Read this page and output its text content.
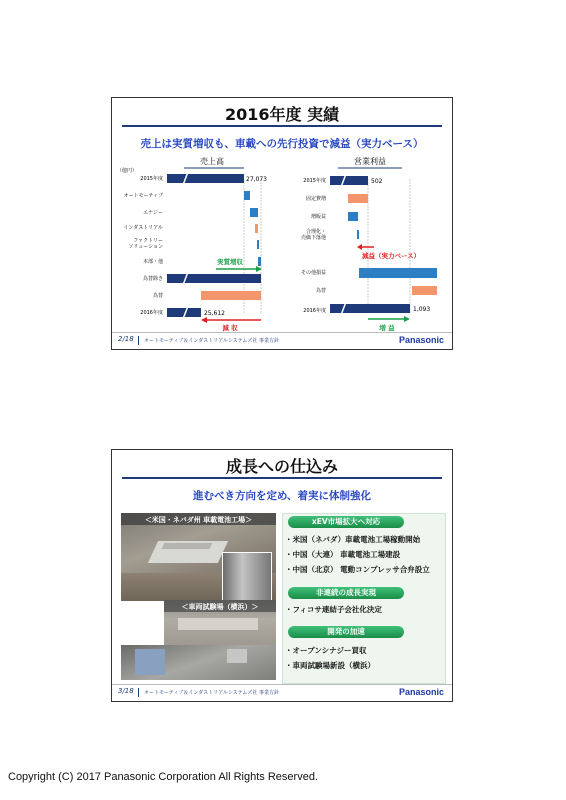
2016年度 実績
売上は実質増収も、車載への先行投資で減益（実力ベース）
売上高
（億円）
2015年度
オートモーティブ
エナジー
インダストリアル
ファクトリーソリューション
本部・他
為替除き
為替
2016年度
27,073
25,612
実質増収
減 収
営業利益
2015年度
固定費増
増販益
合理化・売価下落他
その他損益
為替
2016年度
502
減益（実力ベース）
1,093
増 益
2/18 オートモーティブ＆インダストリアルシステムズ社 事業方針	Panasonic
成長への仕込み
進むべき方向を定め、着実に体制強化
＜米国・ネバダ州 車載電池工場＞
＜車両試験場（横浜）＞
xEV市場拡大へ対応
・米国（ネバダ）車載電池工場稼動開始
・中国（大連） 車載電池工場建設
・中国（北京） 電動コンプレッサ合弁設立
非連続の成長実現
・フィコサ連結子会社化決定
開発の加速
・オープンシナジー買収
・車両試験場新設（横浜）
3/18 オートモーティブ＆インダストリアルシステムズ社 事業方針	Panasonic
Copyright (C) 2017 Panasonic Corporation All Rights Reserved.
